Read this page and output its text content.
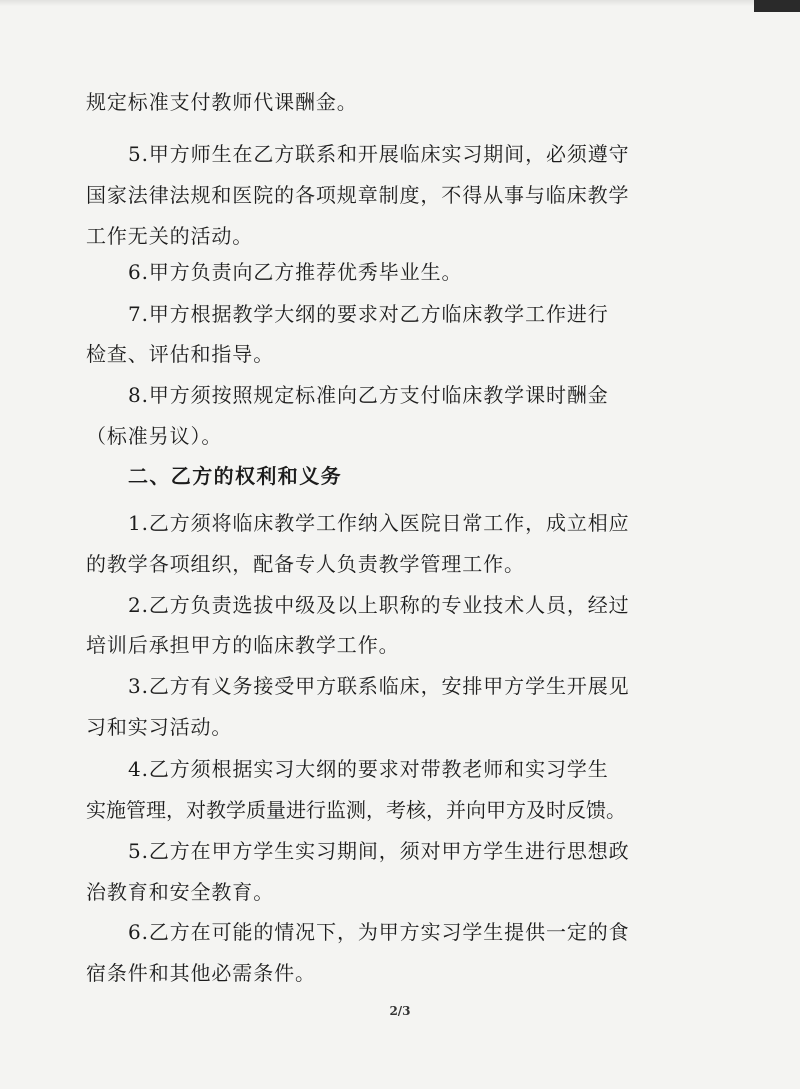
规定标准支付教师代课酬金。
5.甲方师生在乙方联系和开展临床实习期间，必须遵守
国家法律法规和医院的各项规章制度，不得从事与临床教学
工作无关的活动。
6.甲方负责向乙方推荐优秀毕业生。
7.甲方根据教学大纲的要求对乙方临床教学工作进行
检查、评估和指导。
8.甲方须按照规定标准向乙方支付临床教学课时酬金
（标准另议）。
二、乙方的权利和义务
1.乙方须将临床教学工作纳入医院日常工作，成立相应
的教学各项组织，配备专人负责教学管理工作。
2.乙方负责选拔中级及以上职称的专业技术人员，经过
培训后承担甲方的临床教学工作。
3.乙方有义务接受甲方联系临床，安排甲方学生开展见
习和实习活动。
4.乙方须根据实习大纲的要求对带教老师和实习学生
实施管理，对教学质量进行监测，考核，并向甲方及时反馈。
5.乙方在甲方学生实习期间，须对甲方学生进行思想政
治教育和安全教育。
6.乙方在可能的情况下，为甲方实习学生提供一定的食
宿条件和其他必需条件。
2/3
